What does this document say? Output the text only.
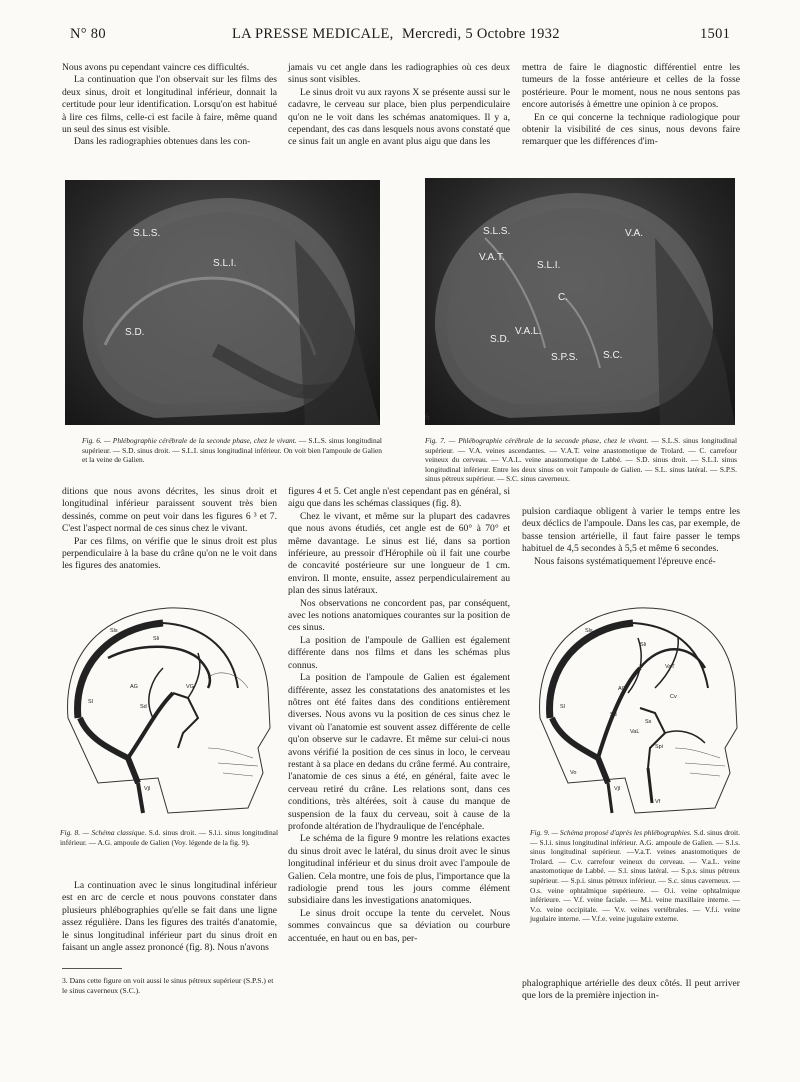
N° 80	LA PRESSE MEDICALE, Mercredi, 5 Octobre 1932	1501

Nous avons pu cependant vaincre ces difficultés.

La continuation que l'on observait sur les films des deux sinus, droit et longitudinal inférieur, donnait la certitude pour leur identification. Lorsqu'on est habitué à lire ces films, celle-ci est facile à faire, même quand un seul des sinus est visible.

Dans les radiographies obtenues dans les con-

jamais vu cet angle dans les radiographies où ces deux sinus sont visibles.

Le sinus droit vu aux rayons X se présente aussi sur le cadavre, le cerveau sur place, bien plus perpendiculaire qu'on ne le voit dans les schémas anatomiques. Il y a, cependant, des cas dans lesquels nous avons constaté que ce sinus fait un angle en avant plus aigu que dans les

mettra de faire le diagnostic différentiel entre les tumeurs de la fosse antérieure et celles de la fosse postérieure. Pour le moment, nous ne nous sentons pas encore autorisés à émettre une opinion à ce propos.

En ce qui concerne la technique radiologique pour obtenir la visibilité de ces sinus, nous devons faire remarquer que les différences d'im-

S.L.S.
S.L.I.
S.D.
S.L.S.	V.A.
V.A.T.
S.L.I.
C.
V.A.L.
S.D.
S.P.S. S.C.
6
Fig. 6. — Phlébographie cérébrale de la seconde phase, chez le vivant. — S.L.S. sinus longitudinal supérieur. — S.D. sinus droit. — S.L.I. sinus longitudinal inférieur. On voit bien l'ampoule de Galien et la veine de Galien.
Fig. 7. — Phlébographie cérébrale de la seconde phase, chez le vivant. — S.L.S. sinus longitudinal supérieur. — V.A. veines ascendantes. — V.A.T. veine anastomotique de Trolard. — C. carrefour veineux du cerveau. — V.A.L. veine anastomotique de Labbé. — S.D. sinus droit. — S.L.I. sinus longitudinal inférieur. Entre les deux sinus on voit l'ampoule de Galien. — S.L. sinus latéral. — S.P.S. sinus pétreux supérieur. — S.C. sinus caverneux.

ditions que nous avons décrites, les sinus droit et longitudinal inférieur paraissent souvent très bien dessinés, comme on peut voir dans les figures 6 ³ et 7. C'est l'aspect normal de ces sinus chez le vivant.

Par ces films, on vérifie que le sinus droit est plus perpendiculaire à la base du crâne qu'on ne le voit dans les figures des anatomies.

figures 4 et 5. Cet angle n'est cependant pas en général, si aigu que dans les schémas classiques (fig. 8).

Chez le vivant, et même sur la plupart des cadavres que nous avons étudiés, cet angle est de 60° à 70° et même davantage. Le sinus est lié, dans sa portion inférieure, au pressoir d'Hérophile où il fait une courbe de concavité postérieure sur une longueur de 1 cm. environ. Il monte, ensuite, assez perpendiculairement au plan des sinus latéraux.

Nos observations ne concordent pas, par conséquent, avec les notions anatomiques courantes sur la position de ces sinus.

La position de l'ampoule de Gallien est également différente dans nos films et dans les schémas plus connus.

La position de l'ampoule de Galien est également différente, assez les constatations des anatomistes et les nôtres ont été faites dans des conditions entièrement diverses. Nous avons vu la position de ces sinus chez le vivant où l'anatomie est souvent assez différente de celle qu'on observe sur le cadavre. Et même sur celui-ci nous avons vérifié la position de ces sinus in loco, le cerveau restant à sa place en dedans du crâne fermé. Au contraire, l'anatomie de ces sinus a été, en général, faite avec le cerveau retiré du crâne. Les relations sont, dans ces conditions, très altérées, soit à cause du manque de suspension de la faux du cerveau, soit à cause de la profonde altération de l'hydraulique de l'encéphale.

Le schéma de la figure 9 montre les relations exactes du sinus droit avec le latéral, du sinus droit avec le sinus longitudinal inférieur et du sinus droit avec l'ampoule de Galien. Cela montre, une fois de plus, l'importance que la radiologie prend tous les jours comme élément subsidiaire dans les investigations anatomiques.

Le sinus droit occupe la tente du cervelet. Nous sommes convaincus que sa déviation ou courbure accentuée, en haut ou en bas, per-

pulsion cardiaque obligent à varier le temps entre les deux déclics de l'ampoule. Dans les cas, par exemple, de basse tension artérielle, il faut faire passer le temps habituel de 4,5 secondes à 5,5 et même 6 secondes.

Nous faisons systématiquement l'épreuve encé-

Sli
Sls
Sd
AG
Sl
VG
Vjl
Fig. 8. — Schéma classique. S.d. sinus droit. — S.l.i. sinus longitudinal inférieur. — A.G. ampoule de Galien (Voy. légende de la fig. 9).
Sls
Sli
VaT
AG
Sd
Cv
Ss
VaL
Spi
Sl
Vo
Vjl
Vf
Fig. 9. — Schéma proposé d'après les phlébographies. S.d. sinus droit. — S.l.i. sinus longitudinal inférieur. A.G. ampoule de Galien. — S.l.s. sinus longitudinal supérieur. —V.a.T. veines anastomotiques de Trolard. — C.v. carrefour veineux du cerveau. — V.a.L. veine anastomotique de Labbé. — S.l. sinus latéral. — S.p.s. sinus pétreux supérieur. — S.p.i. sinus pétreux inférieur. — S.c. sinus caverneux. — O.s. veine ophtalmique supérieure. — O.i. veine ophtalmique inférieure. — V.f. veine faciale. — M.i. veine maxillaire interne. — V.o. veine occipitale. — V.v. veines vertébrales. — V.f.i. veine jugulaire interne. — V.f.e. veine jugulaire externe.

La continuation avec le sinus longitudinal inférieur est en arc de cercle et nous pouvons constater dans plusieurs phlébographies qu'elle se fait dans une ligne assez régulière. Dans les figures des traités d'anatomie, le sinus longitudinal inférieur part du sinus droit en faisant un angle assez prononcé (fig. 8). Nous n'avons

3. Dans cette figure on voit aussi le sinus pétreux supérieur (S.P.S.) et le sinus caverneux (S.C.).

phalographique artérielle des deux côtés. Il peut arriver que lors de la première injection in-
